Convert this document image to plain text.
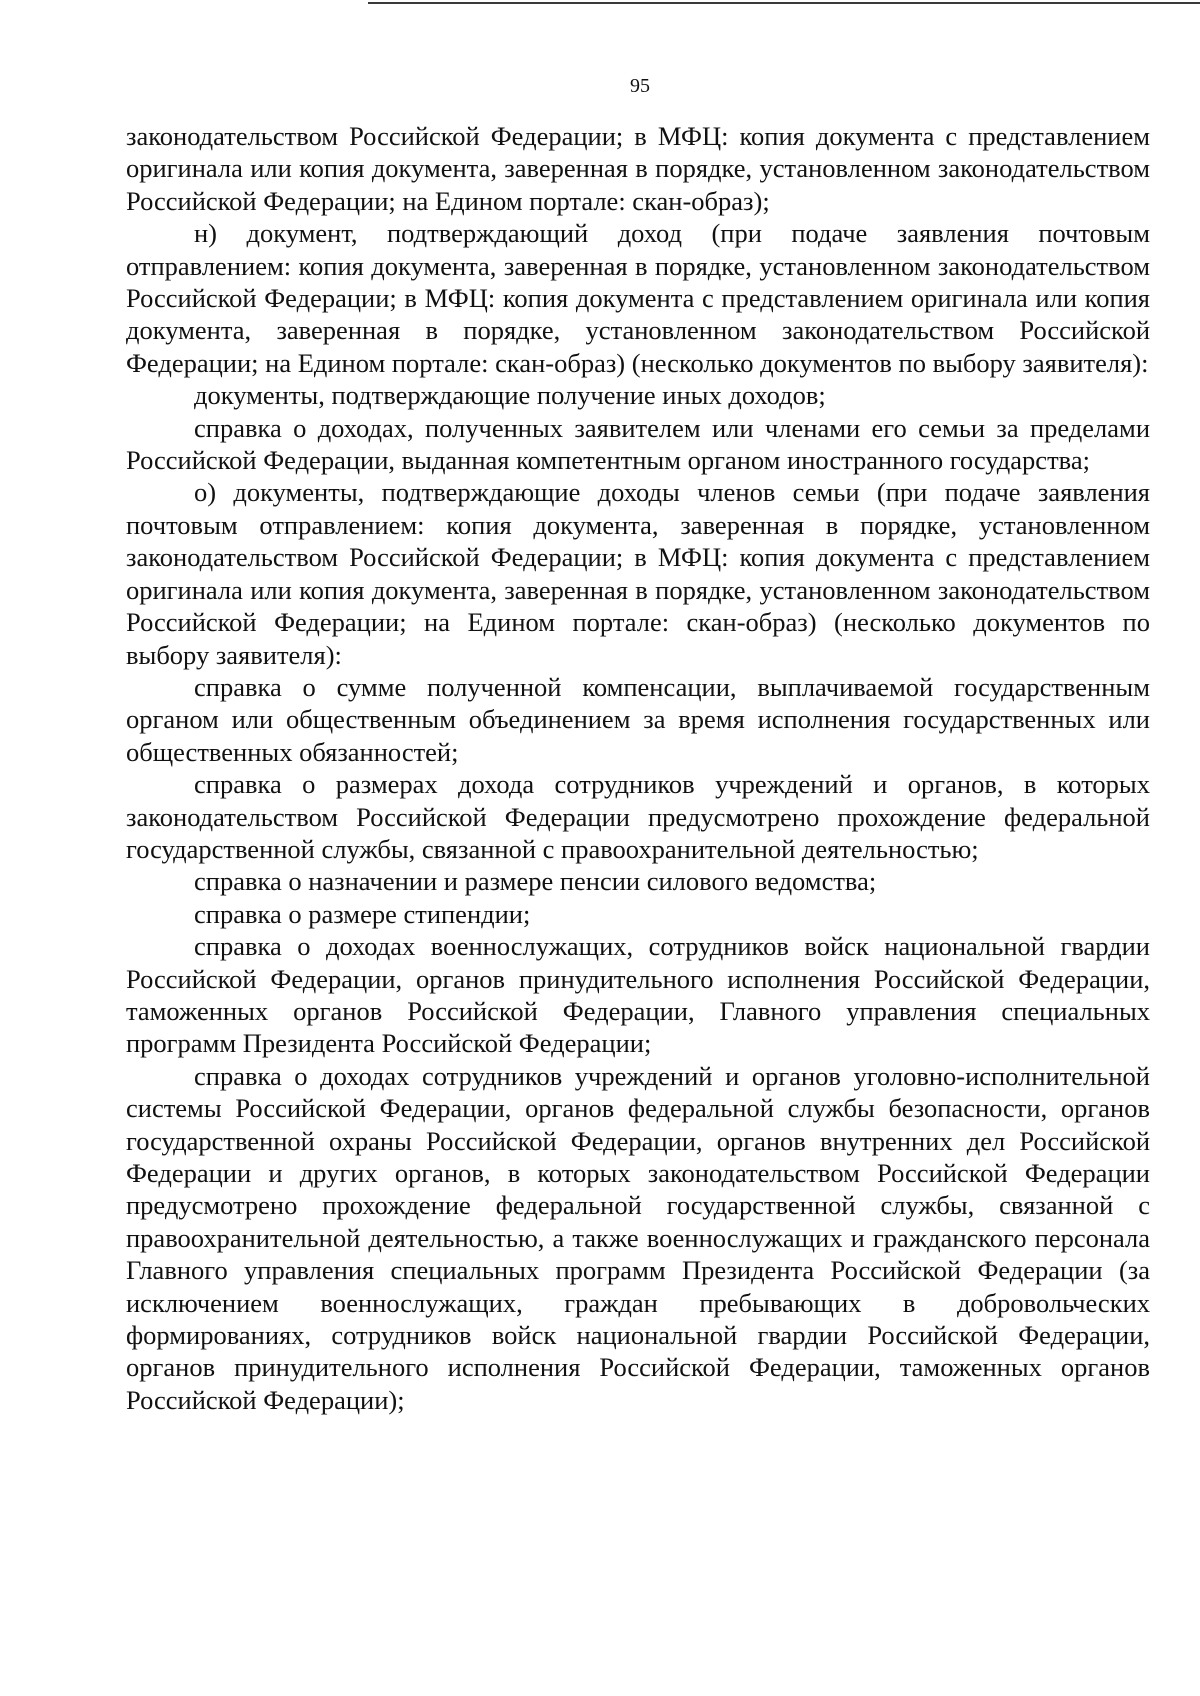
95

законодательством Российской Федерации; в МФЦ: копия документа с представлением оригинала или копия документа, заверенная в порядке, установленном законодательством Российской Федерации; на Едином портале: скан-образ);

н) документ, подтверждающий доход (при подаче заявления почтовым отправлением: копия документа, заверенная в порядке, установленном законодательством Российской Федерации; в МФЦ: копия документа с представлением оригинала или копия документа, заверенная в порядке, установленном законодательством Российской Федерации; на Едином портале: скан-образ) (несколько документов по выбору заявителя):

документы, подтверждающие получение иных доходов;

справка о доходах, полученных заявителем или членами его семьи за пределами Российской Федерации, выданная компетентным органом иностранного государства;

о) документы, подтверждающие доходы членов семьи (при подаче заявления почтовым отправлением: копия документа, заверенная в порядке, установленном законодательством Российской Федерации; в МФЦ: копия документа с представлением оригинала или копия документа, заверенная в порядке, установленном законодательством Российской Федерации; на Едином портале: скан-образ) (несколько документов по выбору заявителя):

справка о сумме полученной компенсации, выплачиваемой государственным органом или общественным объединением за время исполнения государственных или общественных обязанностей;

справка о размерах дохода сотрудников учреждений и органов, в которых законодательством Российской Федерации предусмотрено прохождение федеральной государственной службы, связанной с правоохранительной деятельностью;

справка о назначении и размере пенсии силового ведомства;

справка о размере стипендии;

справка о доходах военнослужащих, сотрудников войск национальной гвардии Российской Федерации, органов принудительного исполнения Российской Федерации, таможенных органов Российской Федерации, Главного управления специальных программ Президента Российской Федерации;

справка о доходах сотрудников учреждений и органов уголовно-исполнительной системы Российской Федерации, органов федеральной службы безопасности, органов государственной охраны Российской Федерации, органов внутренних дел Российской Федерации и других органов, в которых законодательством Российской Федерации предусмотрено прохождение федеральной государственной службы, связанной с правоохранительной деятельностью, а также военнослужащих и гражданского персонала Главного управления специальных программ Президента Российской Федерации (за исключением военнослужащих, граждан пребывающих в добровольческих формированиях, сотрудников войск национальной гвардии Российской Федерации, органов принудительного исполнения Российской Федерации, таможенных органов Российской Федерации);
